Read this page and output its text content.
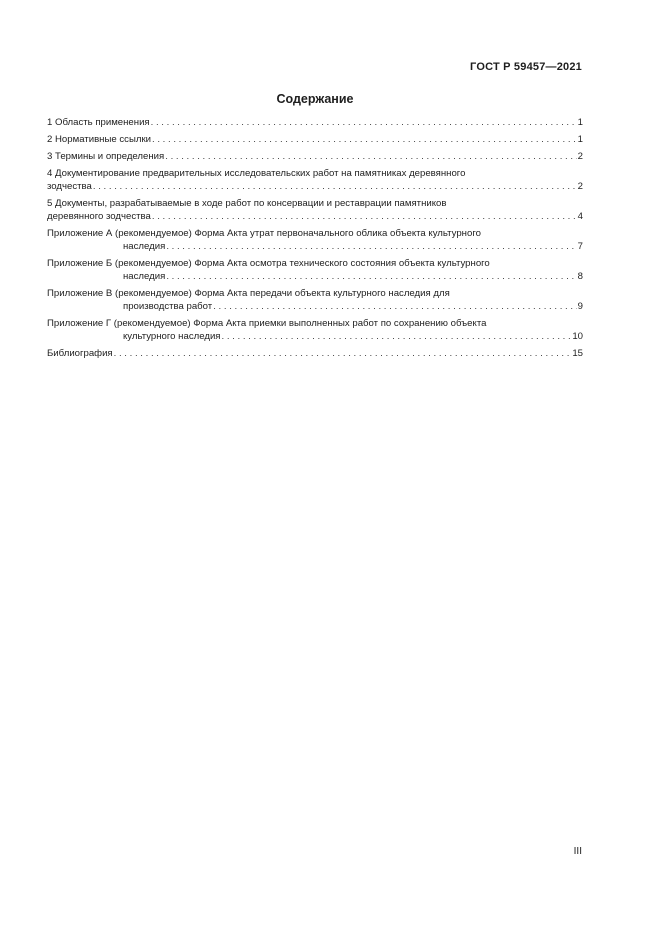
ГОСТ Р 59457—2021
Содержание
1 Область применения . . .	1
2 Нормативные ссылки . . .	1
3 Термины и определения . . .	2
4 Документирование предварительных исследовательских работ на памятниках деревянного
зодчества . . .	2
5 Документы, разрабатываемые в ходе работ по консервации и реставрации памятников
деревянного зодчества . . .	4
Приложение А (рекомендуемое) Форма Акта утрат первоначального облика объекта культурного
наследия . . .	7
Приложение Б (рекомендуемое) Форма Акта осмотра технического состояния объекта культурного
наследия . . .	8
Приложение В (рекомендуемое) Форма Акта передачи объекта культурного наследия для
производства работ . . .	9
Приложение Г (рекомендуемое) Форма Акта приемки выполненных работ по сохранению объекта
культурного наследия . . .	10
Библиография . . .	15
III
